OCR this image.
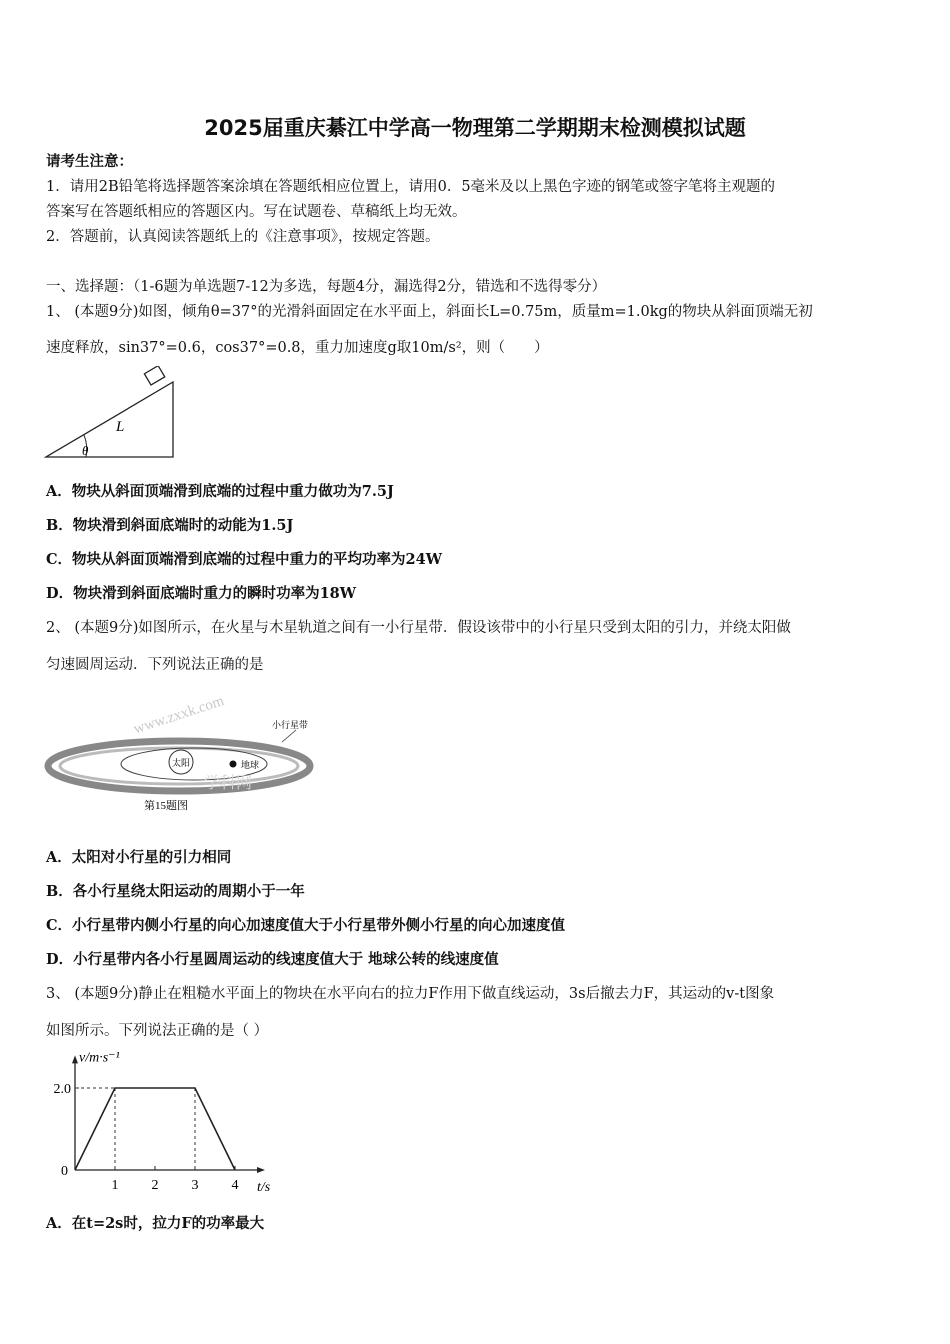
2025届重庆綦江中学高一物理第二学期期末检测模拟试题
请考生注意：
1．请用2B铅笔将选择题答案涂填在答题纸相应位置上，请用0．5毫米及以上黑色字迹的钢笔或签字笔将主观题的
答案写在答题纸相应的答题区内。写在试题卷、草稿纸上均无效。
2．答题前，认真阅读答题纸上的《注意事项》，按规定答题。
一、选择题：（1-6题为单选题7-12为多选，每题4分，漏选得2分，错选和不选得零分）
1、 (本题9分)如图，倾角θ=37°的光滑斜面固定在水平面上，斜面长L=0.75m，质量m=1.0kg的物块从斜面顶端无初
速度释放，sin37°=0.6，cos37°=0.8，重力加速度g取10m/s²，则（　　）
L
θ
A．物块从斜面顶端滑到底端的过程中重力做功为7.5J
B．物块滑到斜面底端时的动能为1.5J
C．物块从斜面顶端滑到底端的过程中重力的平均功率为24W
D．物块滑到斜面底端时重力的瞬时功率为18W
2、 (本题9分)如图所示，在火星与木星轨道之间有一小行星带．假设该带中的小行星只受到太阳的引力，并绕太阳做
匀速圆周运动．下列说法正确的是
www.zxxk.com
太阳	地球
小行星带
学科网
第15题图
A．太阳对小行星的引力相同
B．各小行星绕太阳运动的周期小于一年
C．小行星带内侧小行星的向心加速度值大于小行星带外侧小行星的向心加速度值
D．小行星带内各小行星圆周运动的线速度值大于 地球公转的线速度值
3、 (本题9分)静止在粗糙水平面上的物块在水平向右的拉力F作用下做直线运动，3s后撤去力F，其运动的v-t图象
如图所示。下列说法正确的是（ ）
1 2 3 4
2.0
v/m·s⁻¹
t/s
0
A．在t=2s时，拉力F的功率最大
